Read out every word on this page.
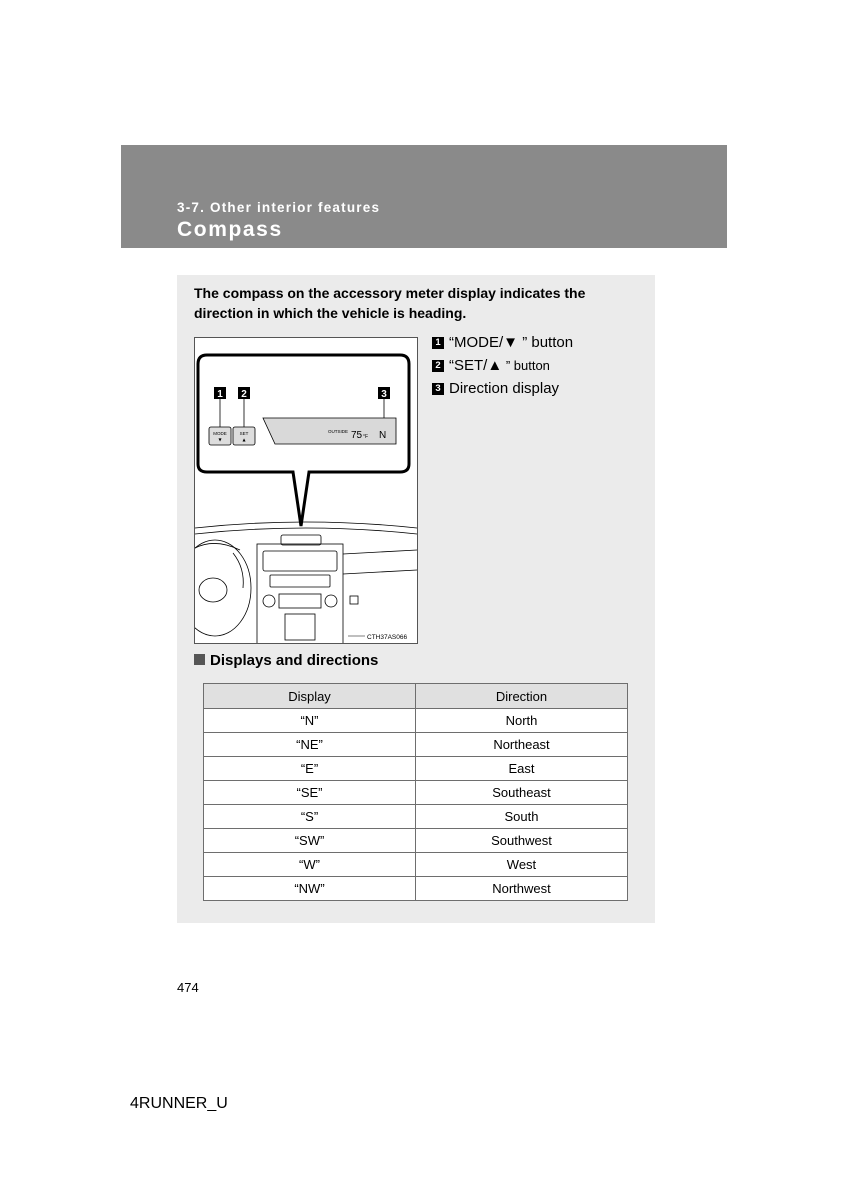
3-7. Other interior features
Compass
The compass on the accessory meter display indicates the direction in which the vehicle is heading.
1 2	3
MODE
▼
SET
▲
OUTSIDE 75 °F N
CTH37AS066
1 “MODE/▼ ” button
2 “SET/▲ ” button
3 Direction display
Displays and directions
Display	Direction
“N”	North
“NE”	Northeast
“E”	East
“SE”	Southeast
“S”	South
“SW”	Southwest
“W”	West
“NW”	Northwest
474
4RUNNER_U
